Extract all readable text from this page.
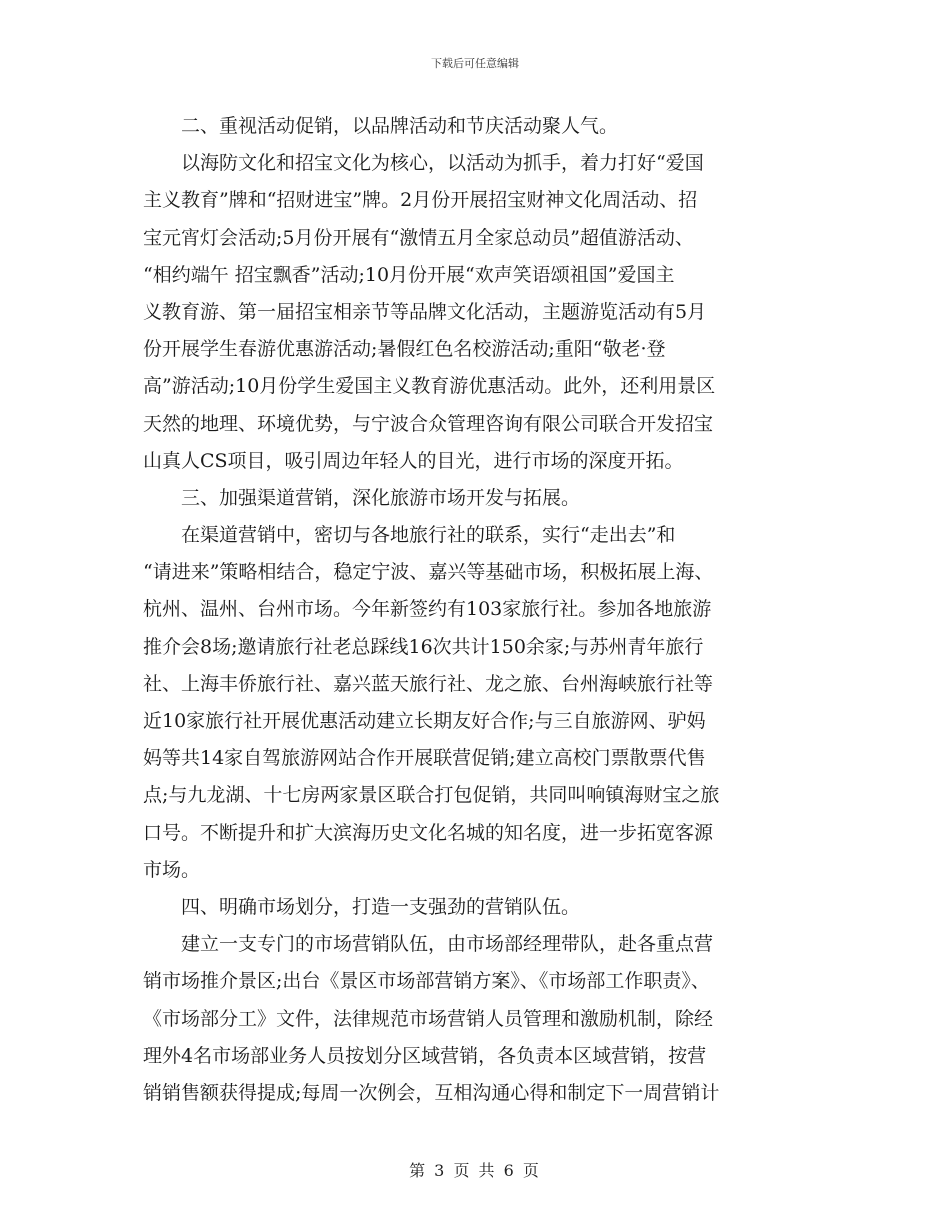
下载后可任意编辑
　　二、重视活动促销，以品牌活动和节庆活动聚人气。
　　以海防文化和招宝文化为核心，以活动为抓手，着力打好“爱国
主义教育”牌和“招财进宝”牌。2月份开展招宝财神文化周活动、招
宝元宵灯会活动;5月份开展有“激情五月全家总动员”超值游活动、
“相约端午 招宝飘香”活动;10月份开展“欢声笑语颂祖国”爱国主
义教育游、第一届招宝相亲节等品牌文化活动，主题游览活动有5月
份开展学生春游优惠游活动;暑假红色名校游活动;重阳“敬老·登
高”游活动;10月份学生爱国主义教育游优惠活动。此外，还利用景区
天然的地理、环境优势，与宁波合众管理咨询有限公司联合开发招宝
山真人CS项目，吸引周边年轻人的目光，进行市场的深度开拓。
　　三、加强渠道营销，深化旅游市场开发与拓展。
　　在渠道营销中，密切与各地旅行社的联系，实行“走出去”和
“请进来”策略相结合，稳定宁波、嘉兴等基础市场，积极拓展上海、
杭州、温州、台州市场。今年新签约有103家旅行社。参加各地旅游
推介会8场;邀请旅行社老总踩线16次共计150余家;与苏州青年旅行
社、上海丰侨旅行社、嘉兴蓝天旅行社、龙之旅、台州海峡旅行社等
近10家旅行社开展优惠活动建立长期友好合作;与三自旅游网、驴妈
妈等共14家自驾旅游网站合作开展联营促销;建立高校门票散票代售
点;与九龙湖、十七房两家景区联合打包促销，共同叫响镇海财宝之旅
口号。不断提升和扩大滨海历史文化名城的知名度，进一步拓宽客源
市场。
　　四、明确市场划分，打造一支强劲的营销队伍。
　　建立一支专门的市场营销队伍，由市场部经理带队，赴各重点营
销市场推介景区;出台《景区市场部营销方案》、《市场部工作职责》、
《市场部分工》文件，法律规范市场营销人员管理和激励机制，除经
理外4名市场部业务人员按划分区域营销，各负责本区域营销，按营
销销售额获得提成;每周一次例会，互相沟通心得和制定下一周营销计
第 3 页 共 6 页
